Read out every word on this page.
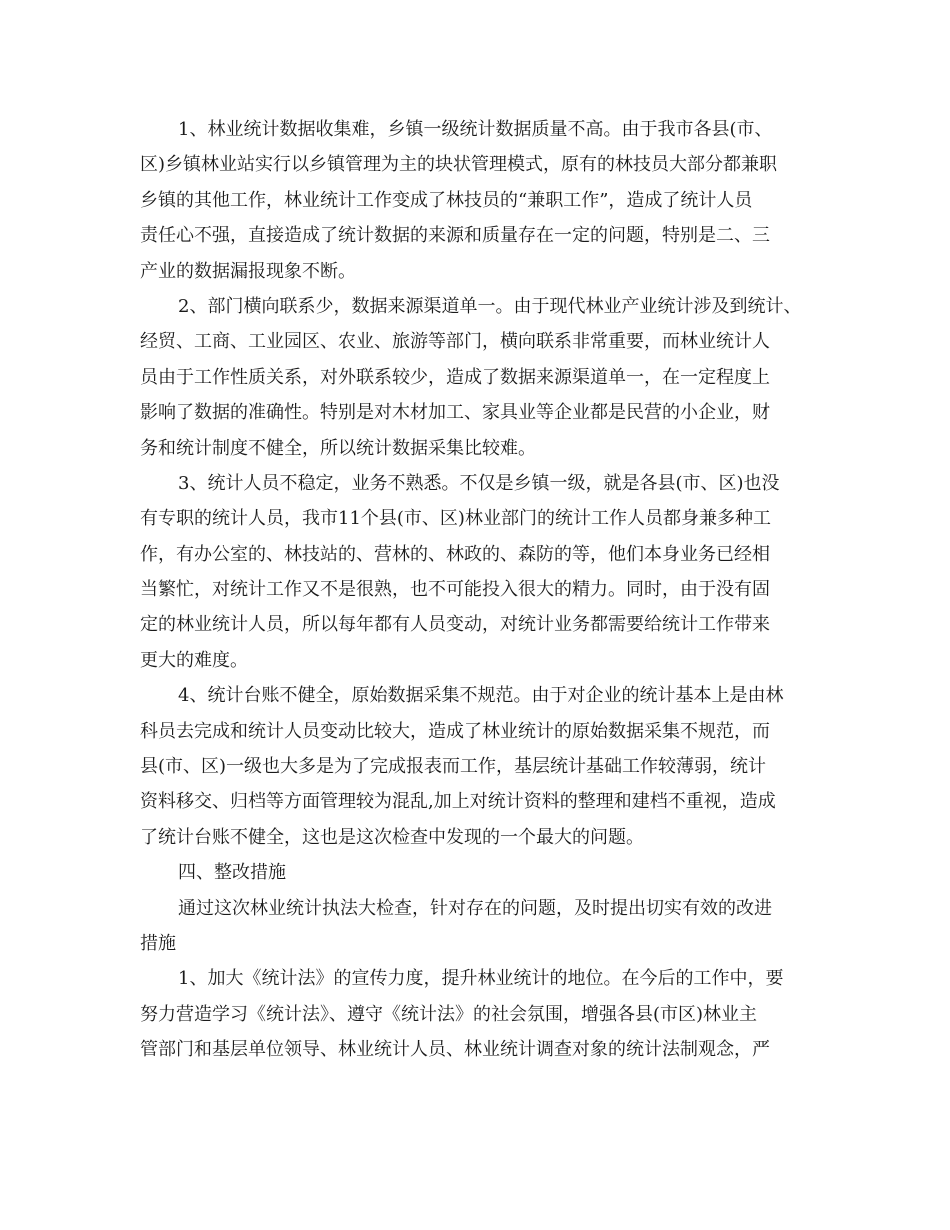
1、林业统计数据收集难，乡镇一级统计数据质量不高。由于我市各县(市、
区)乡镇林业站实行以乡镇管理为主的块状管理模式，原有的林技员大部分都兼职
乡镇的其他工作，林业统计工作变成了林技员的“兼职工作”，造成了统计人员
责任心不强，直接造成了统计数据的来源和质量存在一定的问题，特别是二、三
产业的数据漏报现象不断。
2、部门横向联系少，数据来源渠道单一。由于现代林业产业统计涉及到统计、
经贸、工商、工业园区、农业、旅游等部门，横向联系非常重要，而林业统计人
员由于工作性质关系，对外联系较少，造成了数据来源渠道单一，在一定程度上
影响了数据的准确性。特别是对木材加工、家具业等企业都是民营的小企业，财
务和统计制度不健全，所以统计数据采集比较难。
3、统计人员不稳定，业务不熟悉。不仅是乡镇一级，就是各县(市、区)也没
有专职的统计人员，我市11个县(市、区)林业部门的统计工作人员都身兼多种工
作，有办公室的、林技站的、营林的、林政的、森防的等，他们本身业务已经相
当繁忙，对统计工作又不是很熟，也不可能投入很大的精力。同时，由于没有固
定的林业统计人员，所以每年都有人员变动，对统计业务都需要给统计工作带来
更大的难度。
4、统计台账不健全，原始数据采集不规范。由于对企业的统计基本上是由林
科员去完成和统计人员变动比较大，造成了林业统计的原始数据采集不规范，而
县(市、区)一级也大多是为了完成报表而工作，基层统计基础工作较薄弱，统计
资料移交、归档等方面管理较为混乱,加上对统计资料的整理和建档不重视，造成
了统计台账不健全，这也是这次检查中发现的一个最大的问题。
四、整改措施
通过这次林业统计执法大检查，针对存在的问题，及时提出切实有效的改进
措施
1、加大《统计法》的宣传力度，提升林业统计的地位。在今后的工作中，要
努力营造学习《统计法》、遵守《统计法》的社会氛围，增强各县(市区)林业主
管部门和基层单位领导、林业统计人员、林业统计调查对象的统计法制观念，严
